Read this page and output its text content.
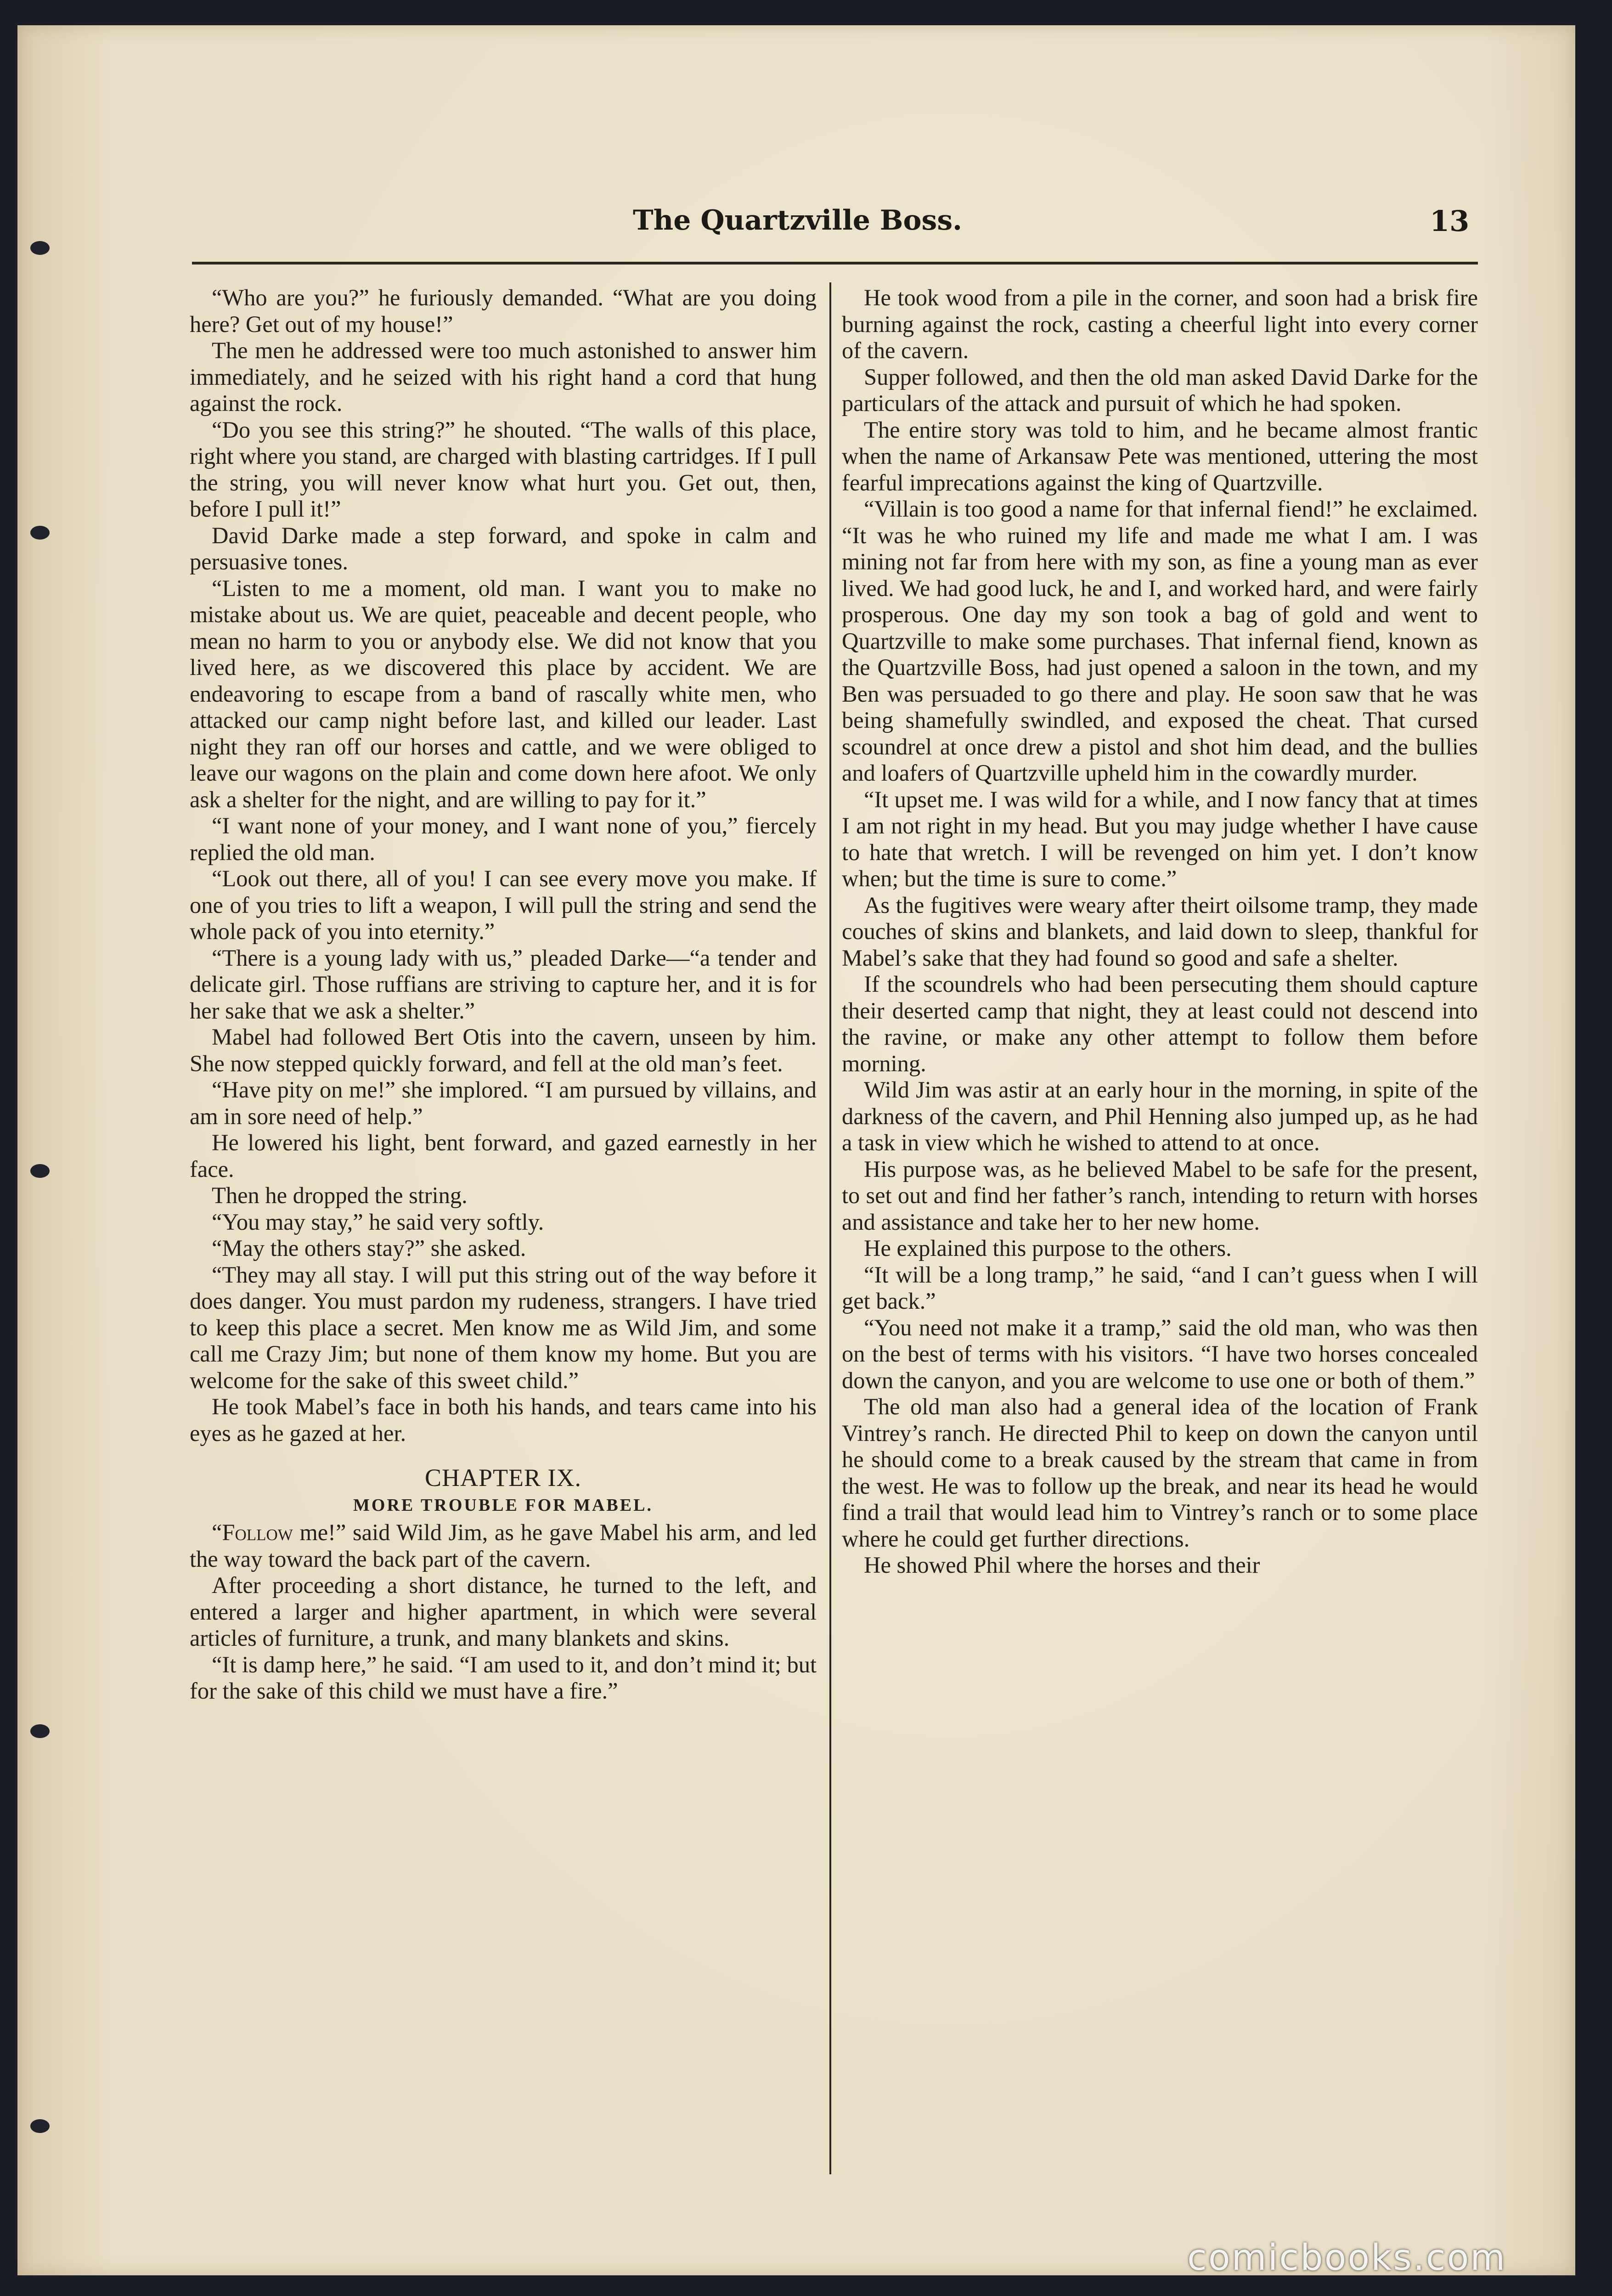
The Quartzville Boss.	13

“Who are you?” he furiously demanded. “What are you doing here? Get out of my house!”

The men he addressed were too much astonished to answer him immediately, and he seized with his right hand a cord that hung against the rock.

“Do you see this string?” he shouted. “The walls of this place, right where you stand, are charged with blasting cartridges. If I pull the string, you will never know what hurt you. Get out, then, before I pull it!”

David Darke made a step forward, and spoke in calm and persuasive tones.

“Listen to me a moment, old man. I want you to make no mistake about us. We are quiet, peaceable and decent people, who mean no harm to you or anybody else. We did not know that you lived here, as we discovered this place by accident. We are endeavoring to escape from a band of rascally white men, who attacked our camp night before last, and killed our leader. Last night they ran off our horses and cattle, and we were obliged to leave our wagons on the plain and come down here afoot. We only ask a shelter for the night, and are willing to pay for it.”

“I want none of your money, and I want none of you,” fiercely replied the old man.

“Look out there, all of you! I can see every move you make. If one of you tries to lift a weapon, I will pull the string and send the whole pack of you into eternity.”

“There is a young lady with us,” pleaded Darke—“a tender and delicate girl. Those ruffians are striving to capture her, and it is for her sake that we ask a shelter.”

Mabel had followed Bert Otis into the cavern, unseen by him. She now stepped quickly forward, and fell at the old man’s feet.

“Have pity on me!” she implored. “I am pursued by villains, and am in sore need of help.”

He lowered his light, bent forward, and gazed earnestly in her face.

Then he dropped the string.

“You may stay,” he said very softly.

“May the others stay?” she asked.

“They may all stay. I will put this string out of the way before it does danger. You must pardon my rudeness, strangers. I have tried to keep this place a secret. Men know me as Wild Jim, and some call me Crazy Jim; but none of them know my home. But you are welcome for the sake of this sweet child.”

He took Mabel’s face in both his hands, and tears came into his eyes as he gazed at her.

CHAPTER IX.
MORE TROUBLE FOR MABEL.

“Follow me!” said Wild Jim, as he gave Mabel his arm, and led the way toward the back part of the cavern.

After proceeding a short distance, he turned to the left, and entered a larger and higher apartment, in which were several articles of furniture, a trunk, and many blankets and skins.

“It is damp here,” he said. “I am used to it, and don’t mind it; but for the sake of this child we must have a fire.”

He took wood from a pile in the corner, and soon had a brisk fire burning against the rock, casting a cheerful light into every corner of the cavern.

Supper followed, and then the old man asked David Darke for the particulars of the attack and pursuit of which he had spoken.

The entire story was told to him, and he became almost frantic when the name of Arkansaw Pete was mentioned, uttering the most fearful imprecations against the king of Quartzville.

“Villain is too good a name for that infernal fiend!” he exclaimed. “It was he who ruined my life and made me what I am. I was mining not far from here with my son, as fine a young man as ever lived. We had good luck, he and I, and worked hard, and were fairly prosperous. One day my son took a bag of gold and went to Quartzville to make some purchases. That infernal fiend, known as the Quartzville Boss, had just opened a saloon in the town, and my Ben was persuaded to go there and play. He soon saw that he was being shamefully swindled, and exposed the cheat. That cursed scoundrel at once drew a pistol and shot him dead, and the bullies and loafers of Quartzville upheld him in the cowardly murder.

“It upset me. I was wild for a while, and I now fancy that at times I am not right in my head. But you may judge whether I have cause to hate that wretch. I will be revenged on him yet. I don’t know when; but the time is sure to come.”

As the fugitives were weary after theirt oilsome tramp, they made couches of skins and blankets, and laid down to sleep, thankful for Mabel’s sake that they had found so good and safe a shelter.

If the scoundrels who had been persecuting them should capture their deserted camp that night, they at least could not descend into the ravine, or make any other attempt to follow them before morning.

Wild Jim was astir at an early hour in the morning, in spite of the darkness of the cavern, and Phil Henning also jumped up, as he had a task in view which he wished to attend to at once.

His purpose was, as he believed Mabel to be safe for the present, to set out and find her father’s ranch, intending to return with horses and assistance and take her to her new home.

He explained this purpose to the others.

“It will be a long tramp,” he said, “and I can’t guess when I will get back.”

“You need not make it a tramp,” said the old man, who was then on the best of terms with his visitors. “I have two horses concealed down the canyon, and you are welcome to use one or both of them.”

The old man also had a general idea of the location of Frank Vintrey’s ranch. He directed Phil to keep on down the canyon until he should come to a break caused by the stream that came in from the west. He was to follow up the break, and near its head he would find a trail that would lead him to Vintrey’s ranch or to some place where he could get further directions.

He showed Phil where the horses and their

comicbooks.com
